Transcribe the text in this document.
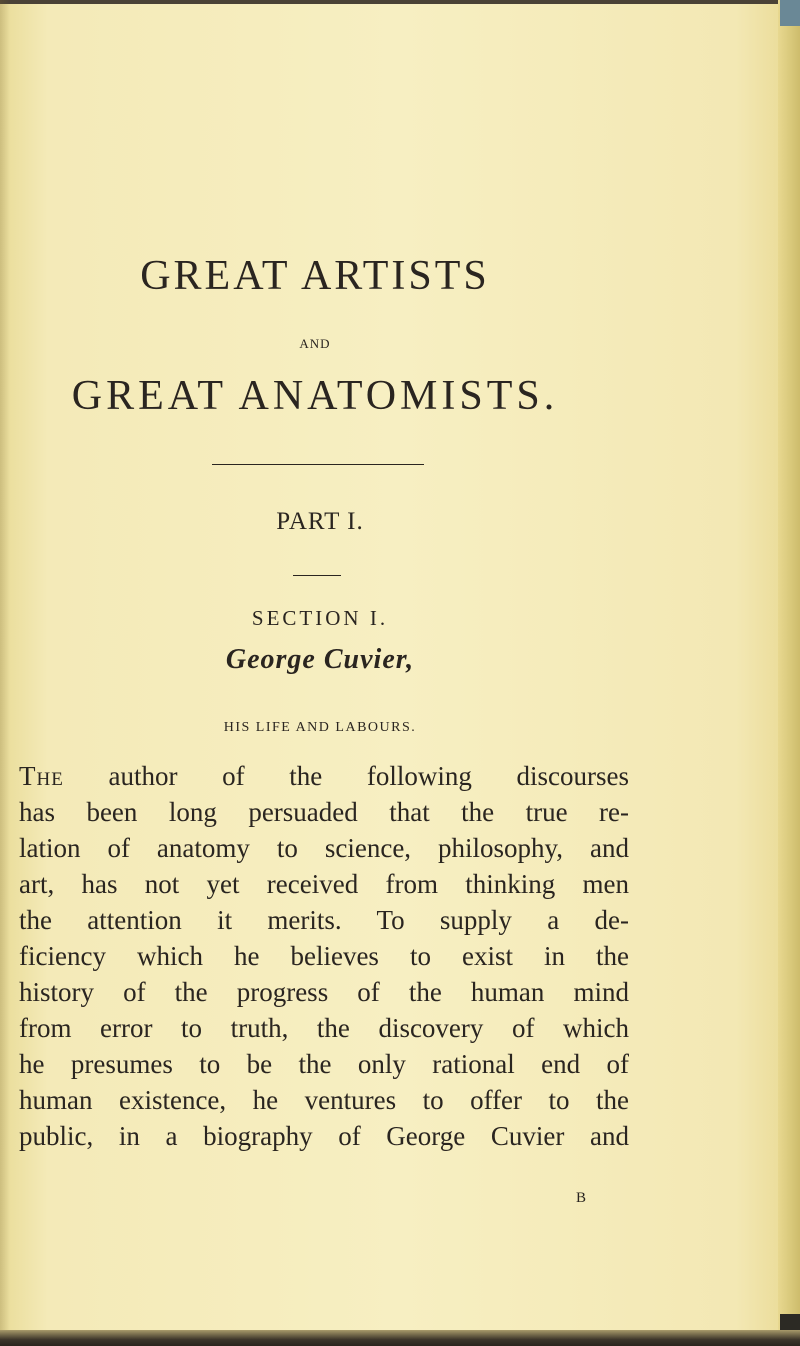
GREAT ARTISTS
AND
GREAT ANATOMISTS.
PART I.
SECTION I.
George Cuvier,
HIS LIFE AND LABOURS.
The author of the following discourses
has been long persuaded that the true re-
lation of anatomy to science, philosophy, and
art, has not yet received from thinking men
the attention it merits. To supply a de-
ficiency which he believes to exist in the
history of the progress of the human mind
from error to truth, the discovery of which
he presumes to be the only rational end of
human existence, he ventures to offer to the
public, in a biography of George Cuvier and
B
